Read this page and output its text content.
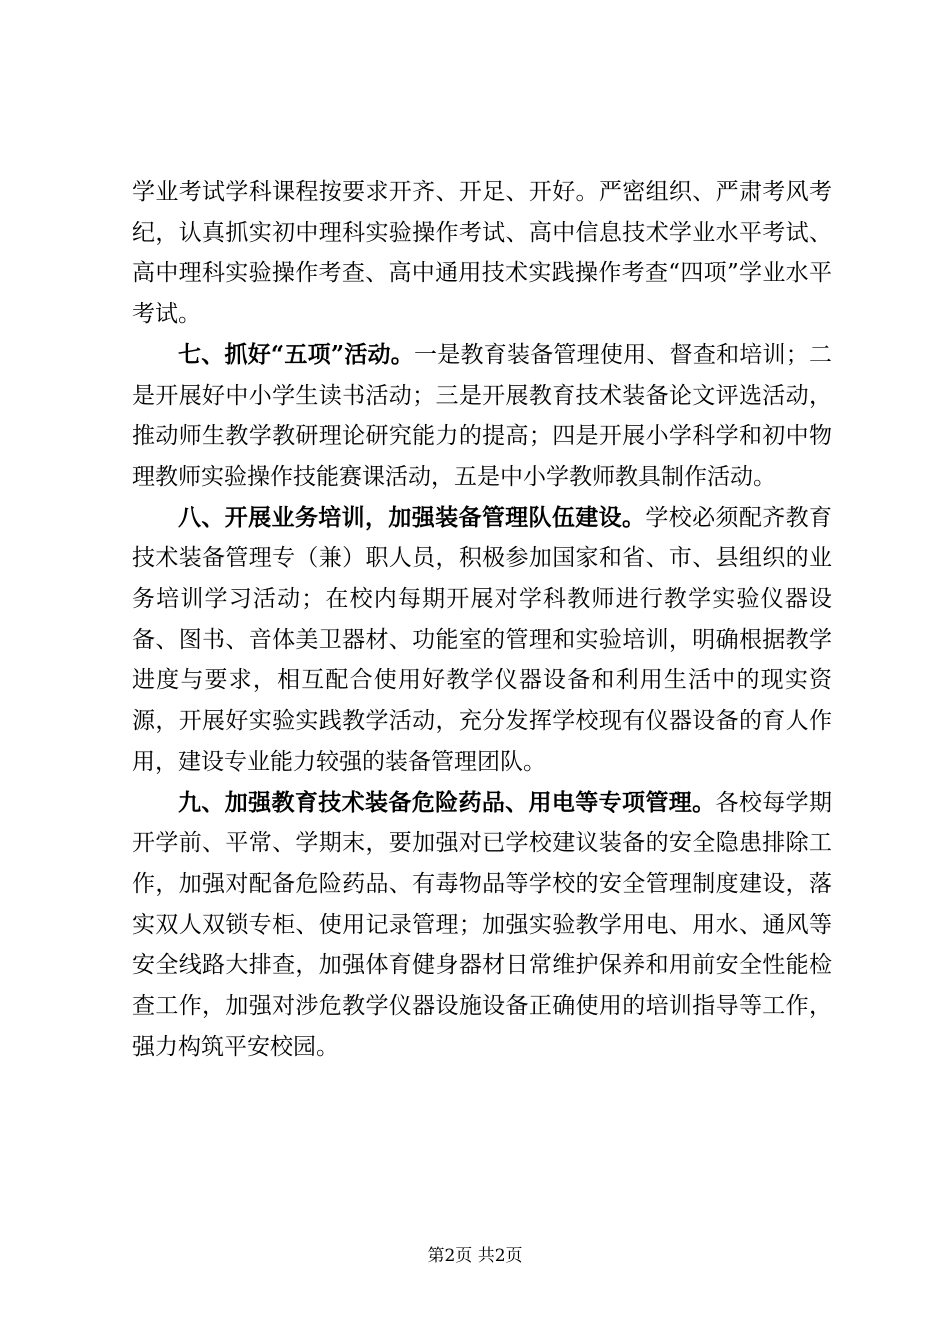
学业考试学科课程按要求开齐、开足、开好。严密组织、严肃考风考纪，认真抓实初中理科实验操作考试、高中信息技术学业水平考试、高中理科实验操作考查、高中通用技术实践操作考查“四项”学业水平考试。

七、抓好“五项”活动。一是教育装备管理使用、督查和培训；二是开展好中小学生读书活动；三是开展教育技术装备论文评选活动，推动师生教学教研理论研究能力的提高；四是开展小学科学和初中物理教师实验操作技能赛课活动，五是中小学教师教具制作活动。

八、开展业务培训，加强装备管理队伍建设。学校必须配齐教育技术装备管理专（兼）职人员，积极参加国家和省、市、县组织的业务培训学习活动；在校内每期开展对学科教师进行教学实验仪器设备、图书、音体美卫器材、功能室的管理和实验培训，明确根据教学进度与要求，相互配合使用好教学仪器设备和利用生活中的现实资源，开展好实验实践教学活动，充分发挥学校现有仪器设备的育人作用，建设专业能力较强的装备管理团队。

九、加强教育技术装备危险药品、用电等专项管理。各校每学期开学前、平常、学期末，要加强对已学校建议装备的安全隐患排除工作，加强对配备危险药品、有毒物品等学校的安全管理制度建设，落实双人双锁专柜、使用记录管理；加强实验教学用电、用水、通风等安全线路大排查，加强体育健身器材日常维护保养和用前安全性能检查工作，加强对涉危教学仪器设施设备正确使用的培训指导等工作，强力构筑平安校园。

第2页 共2页
